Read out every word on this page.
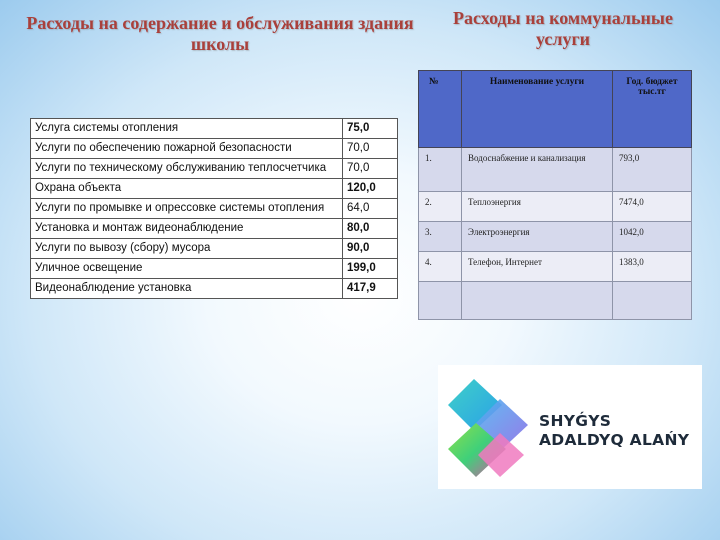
Расходы на содержание и обслуживания здания школы
Расходы на коммунальные услуги
Услуга системы отопления	75,0
Услуги по обеспечению пожарной безопасности	70,0
Услуги по техническому обслуживанию теплосчетчика	70,0
Охрана объекта	120,0
Услуги по промывке и опрессовке системы отопления	64,0
Установка и монтаж видеонаблюдение	80,0
Услуги по вывозу (сбору) мусора	90,0
Уличное освещение	199,0
Видеонаблюдение установка	417,9
№	Наименование услуги	Год. бюджет тыс.тг
1.	Водоснабжение и канализация	793,0
2.	Теплоэнергия	7474,0
3.	Электроэнергия	1042,0
4.	Телефон, Интернет	1383,0

SHYǴYS
ADALDYQ ALAŃY
